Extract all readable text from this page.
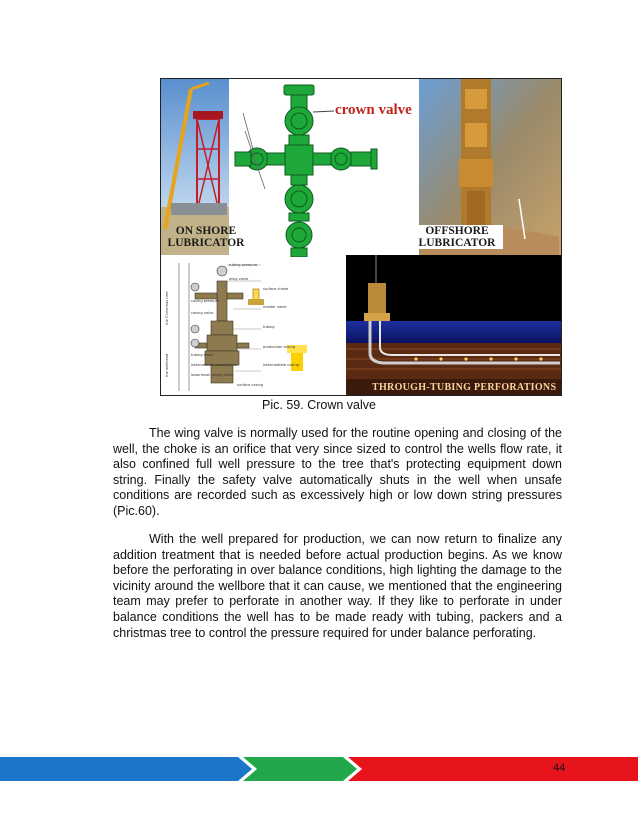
ON SHORE
LUBRICATOR
crown valve
OFFSHORE
LUBRICATOR
tubing pressure
wing valve
casing pressure
surface choke
master valve
casing valve
tubing
production casing
tubing head
intermediate casing
intermediate casing head
lowermost casing head
surface casing
the Christmas tree
the wellhead
THROUGH-TUBING PERFORATIONS
Pic. 59. Crown valve

The wing valve is normally used for the routine opening and closing of the well, the choke is an orifice that very since sized to control the wells flow rate, it also confined full well pressure to the tree that's protecting equipment down string. Finally the safety valve automatically shuts in the well when unsafe conditions are recorded such as excessively high or low down string pressures (Pic.60).

With the well prepared for production, we can now return to finalize any addition treatment that is needed before actual production begins. As we know before the perforating in over balance conditions, high lighting the damage to the vicinity around the wellbore that it can cause, we mentioned that the engineering team may prefer to perforate in another way. If they like to perforate in under balance conditions the well has to be made ready with tubing, packers and a christmas tree to control the pressure required for under balance perforating.

44
